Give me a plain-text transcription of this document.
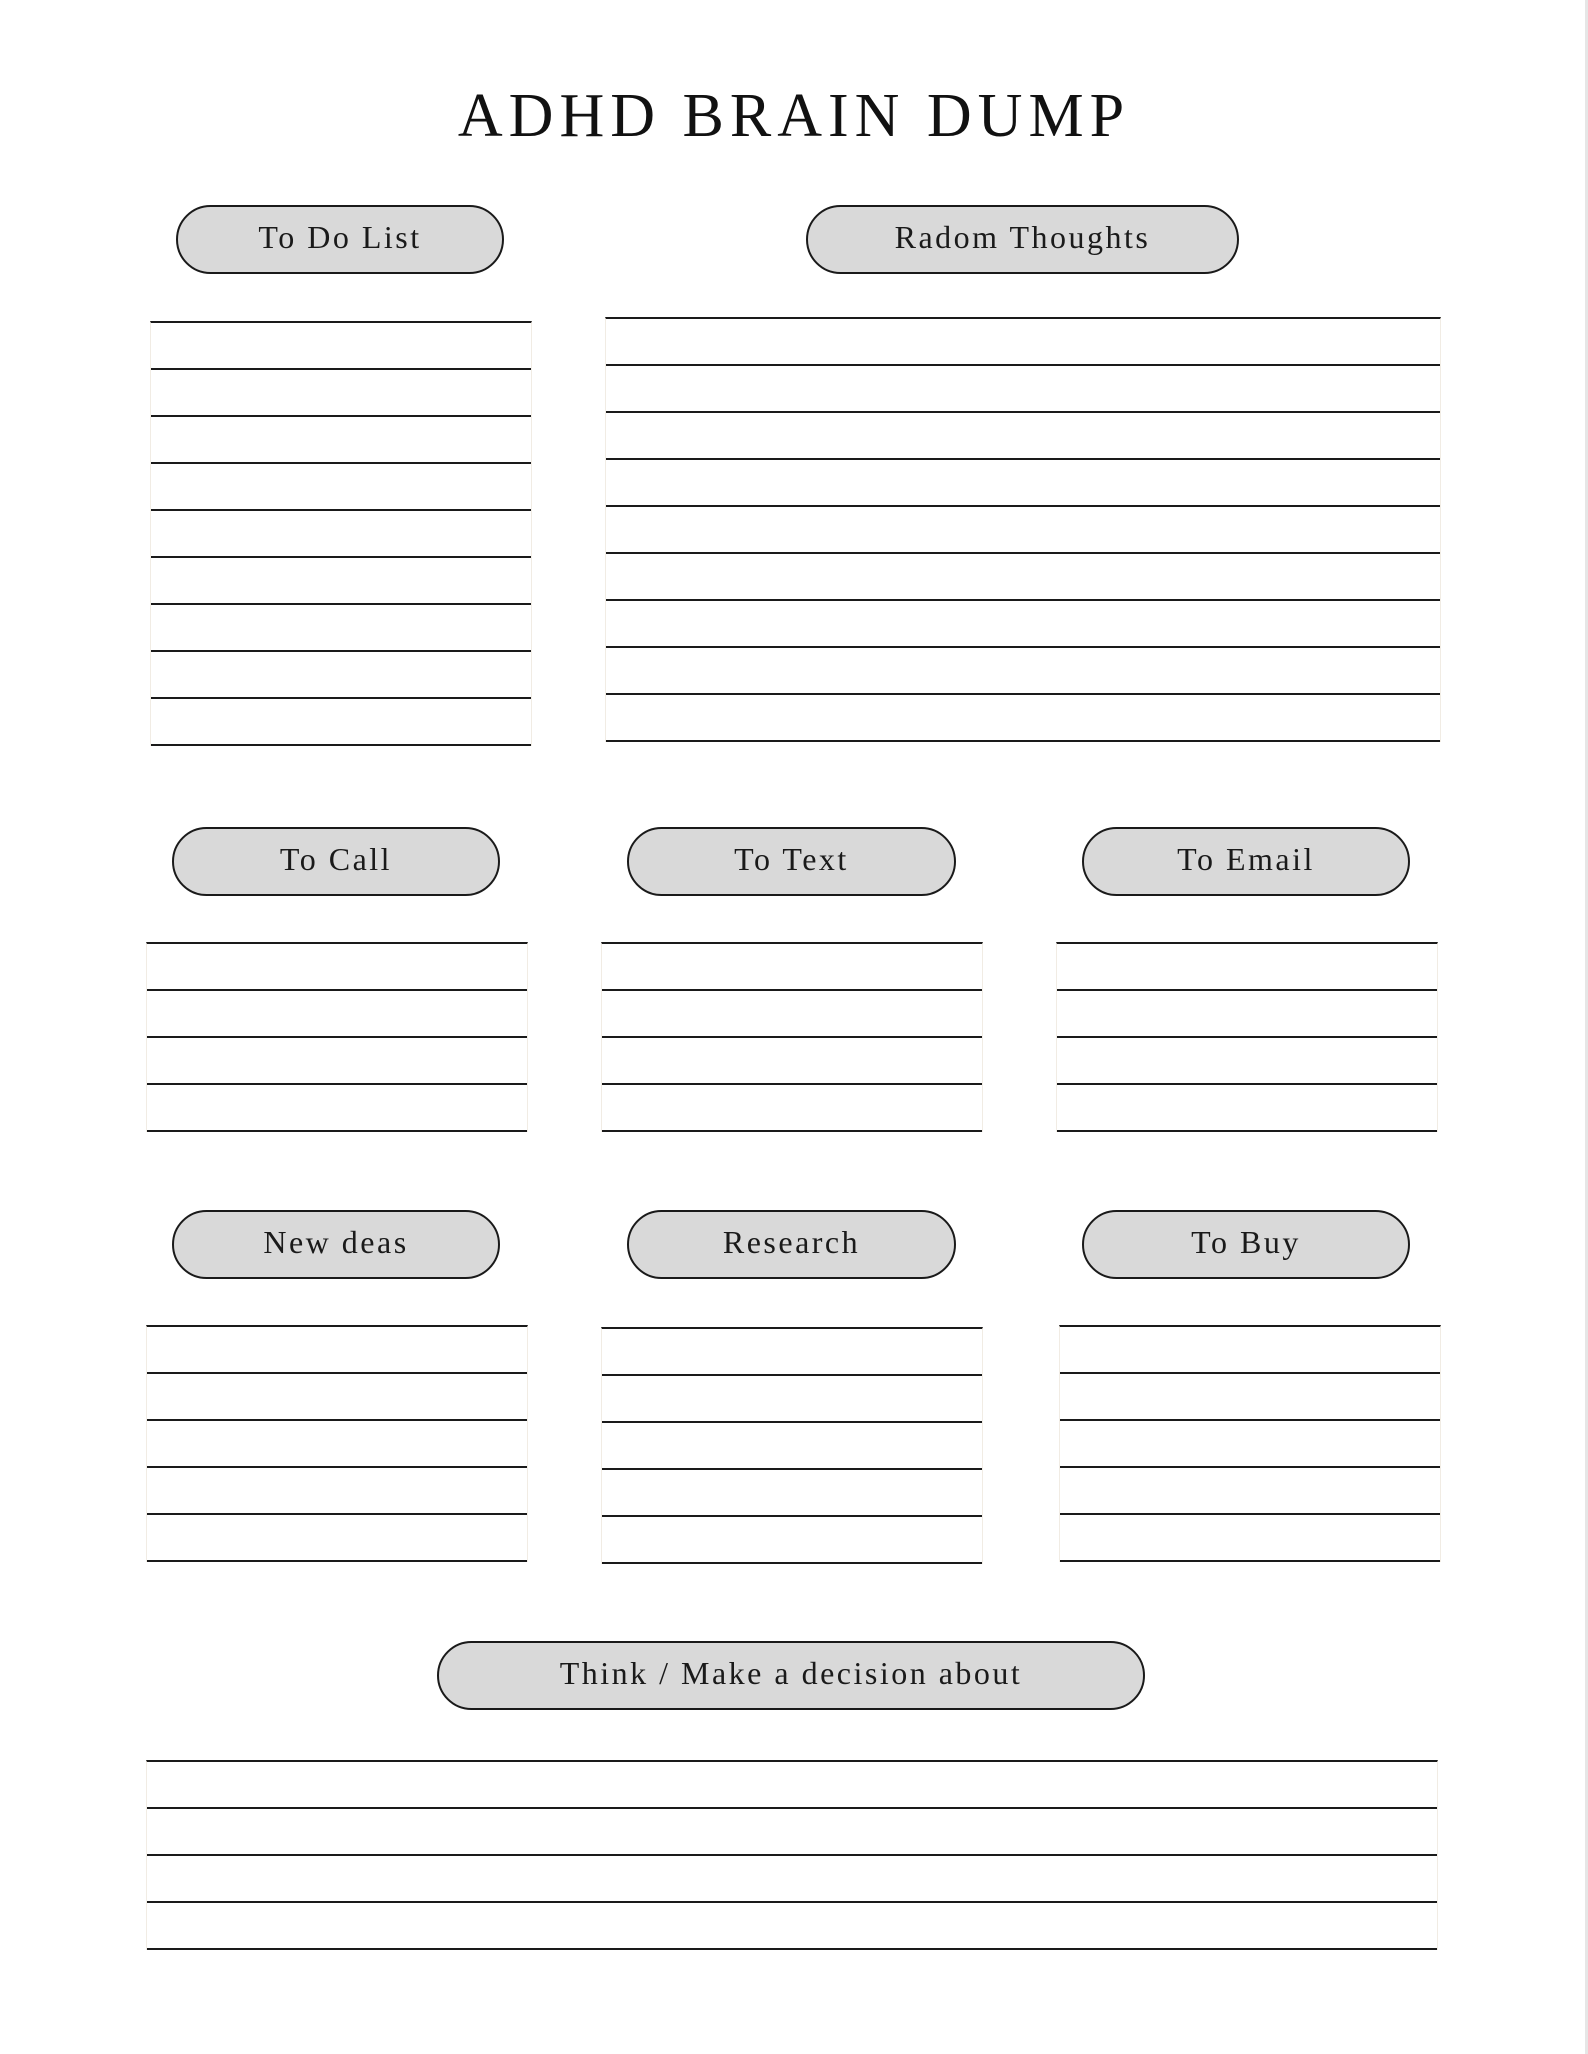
ADHD BRAIN DUMP
To Do List	Radom Thoughts
To Call	To Text	To Email
New deas	Research	To Buy
Think / Make a decision about
